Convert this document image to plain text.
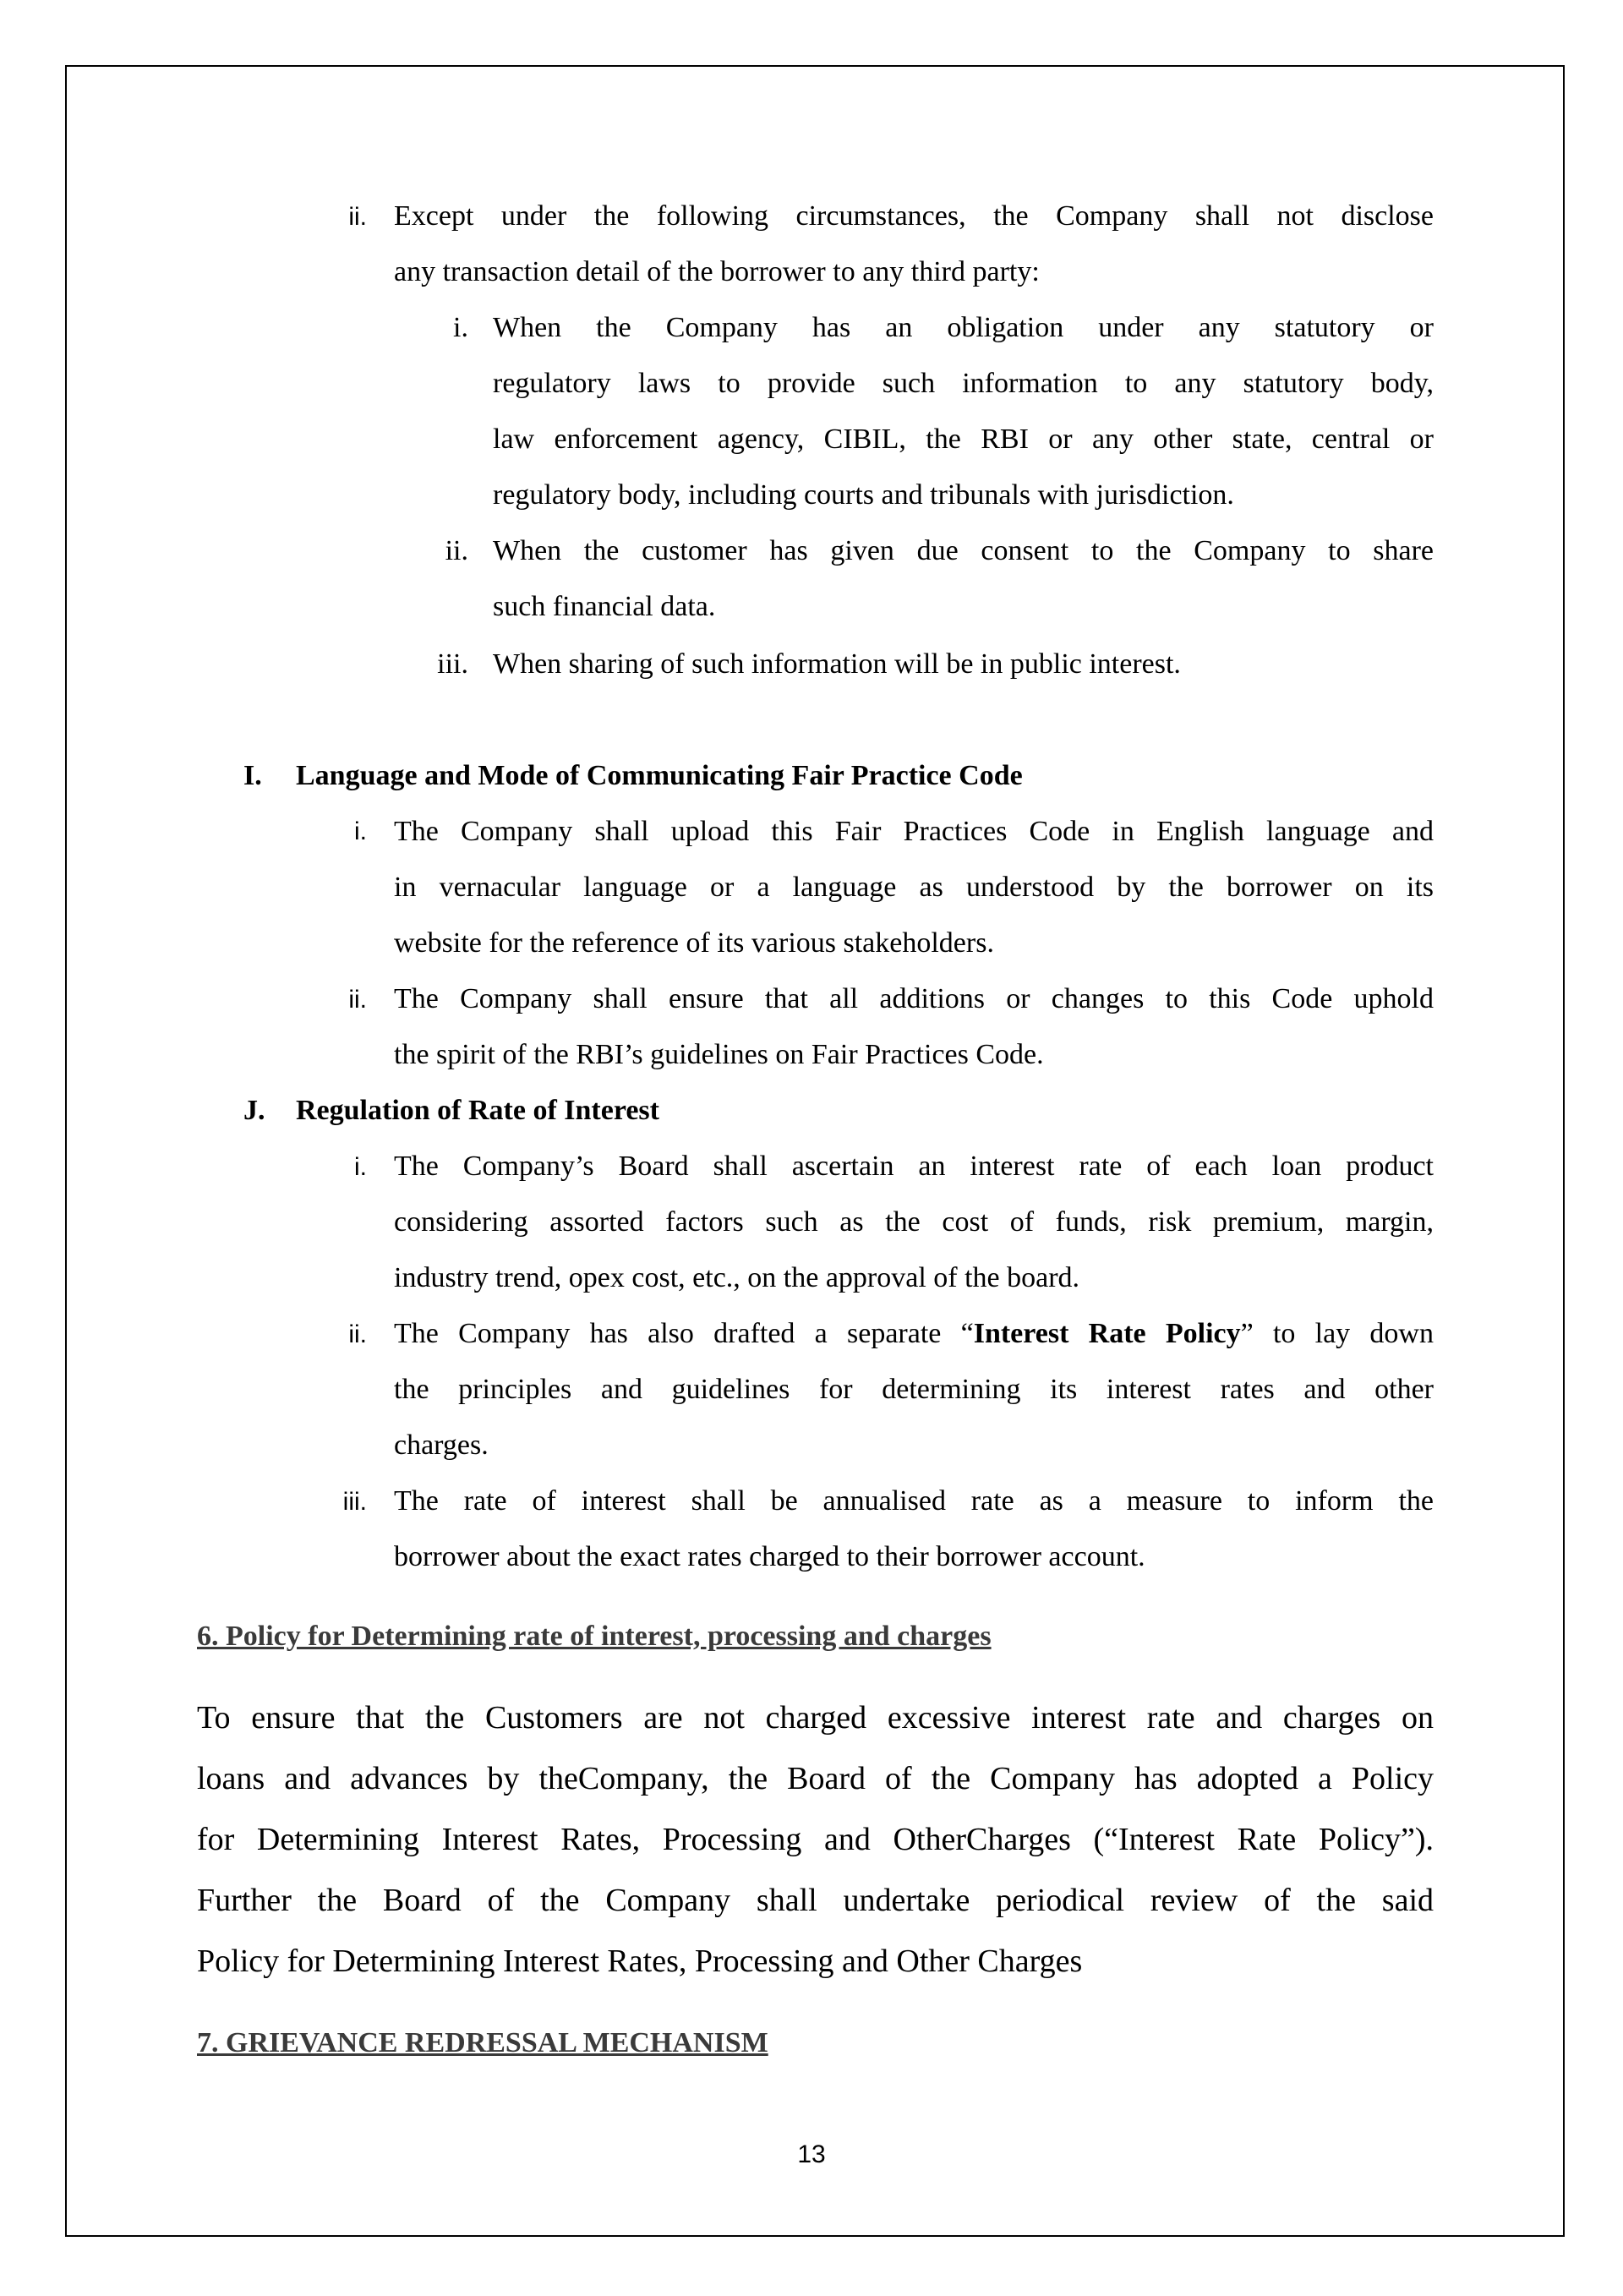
ii. Except under the following circumstances, the Company shall not disclose
any transaction detail of the borrower to any third party:
i. When the Company has an obligation under any statutory or
regulatory laws to provide such information to any statutory body,
law enforcement agency, CIBIL, the RBI or any other state, central or
regulatory body, including courts and tribunals with jurisdiction.
ii. When the customer has given due consent to the Company to share
such financial data.
iii. When sharing of such information will be in public interest.
I. Language and Mode of Communicating Fair Practice Code
i. The Company shall upload this Fair Practices Code in English language and
in vernacular language or a language as understood by the borrower on its
website for the reference of its various stakeholders.
ii. The Company shall ensure that all additions or changes to this Code uphold
the spirit of the RBI’s guidelines on Fair Practices Code.
J. Regulation of Rate of Interest
i. The Company’s Board shall ascertain an interest rate of each loan product
considering assorted factors such as the cost of funds, risk premium, margin,
industry trend, opex cost, etc., on the approval of the board.
ii. The Company has also drafted a separate “Interest Rate Policy” to lay down
the principles and guidelines for determining its interest rates and other
charges.
iii. The rate of interest shall be annualised rate as a measure to inform the
borrower about the exact rates charged to their borrower account.
6. Policy for Determining rate of interest, processing and charges
To ensure that the Customers are not charged excessive interest rate and charges on
loans and advances by theCompany, the Board of the Company has adopted a Policy
for Determining Interest Rates, Processing and OtherCharges (“Interest Rate Policy”).
Further the Board of the Company shall undertake periodical review of the said
Policy for Determining Interest Rates, Processing and Other Charges
7. GRIEVANCE REDRESSAL MECHANISM
13
